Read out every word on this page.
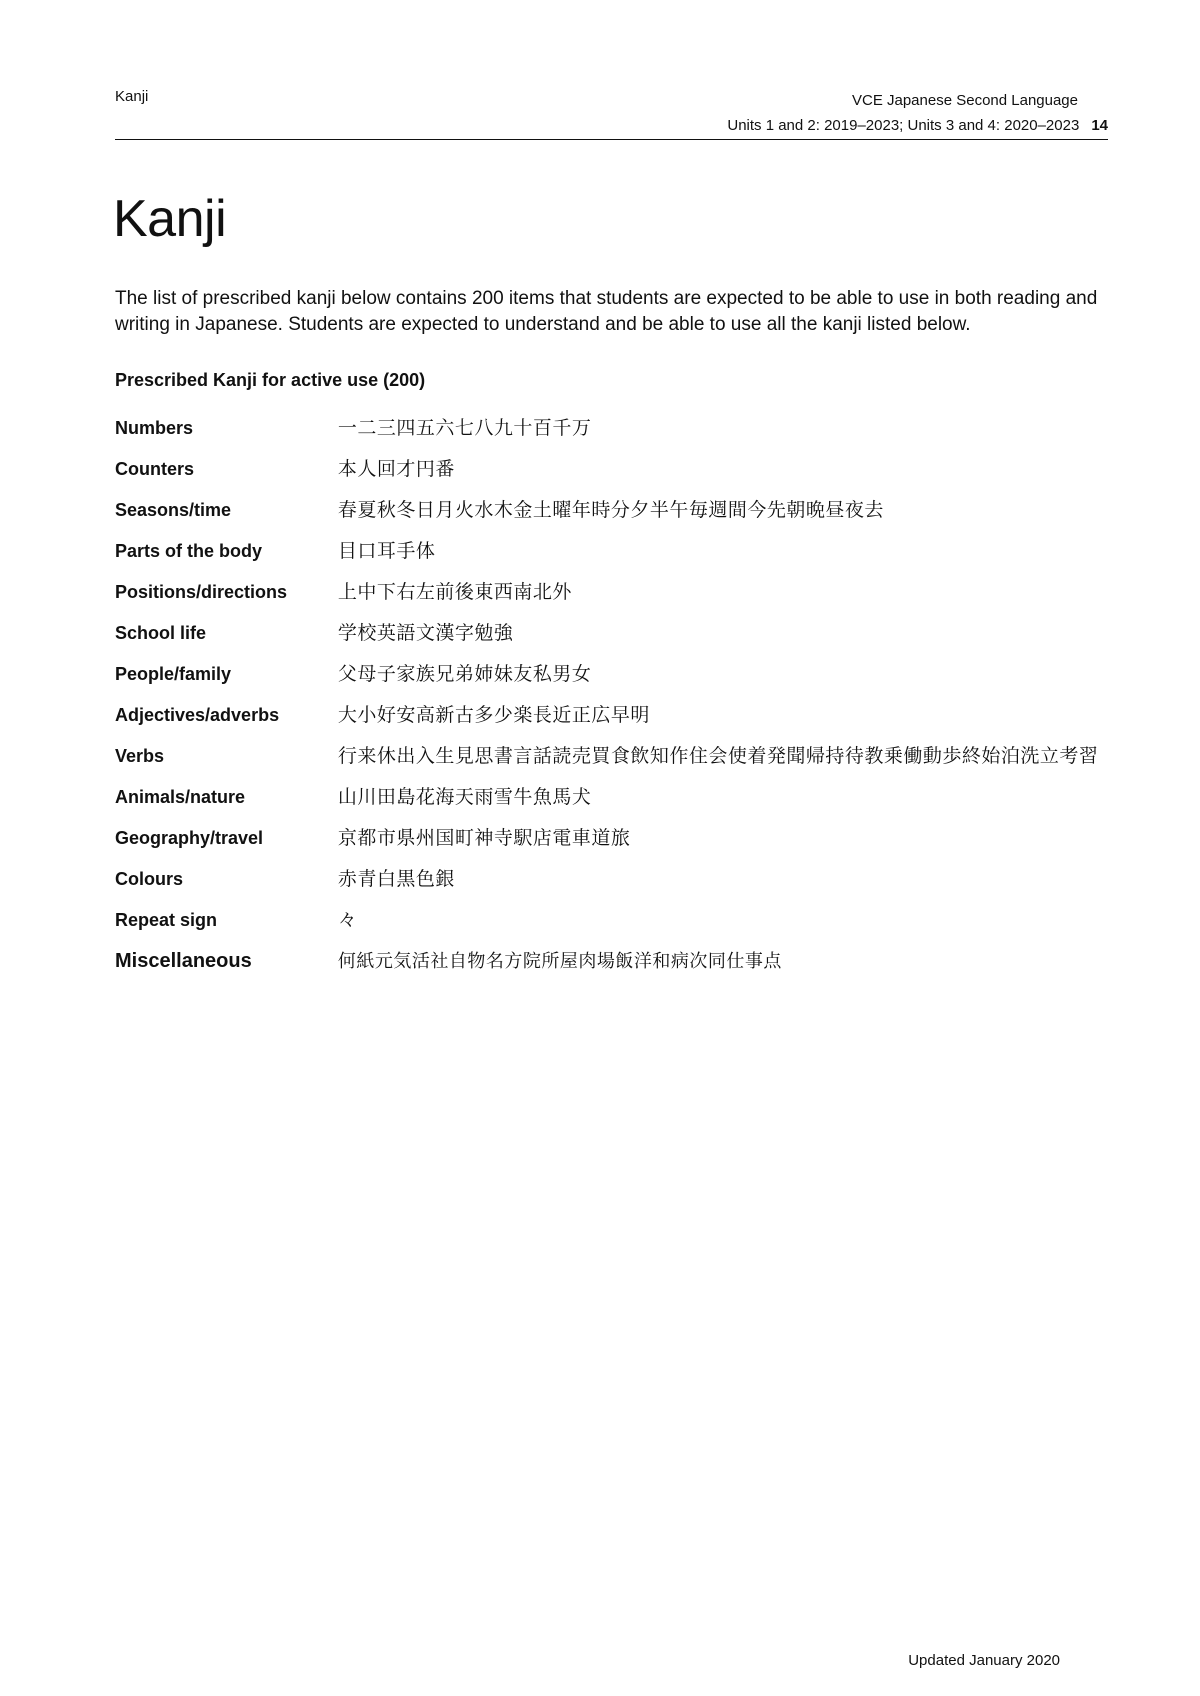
Kanji	VCE Japanese Second Language
Units 1 and 2: 2019–2023; Units 3 and 4: 2020–2023 14
Kanji

The list of prescribed kanji below contains 200 items that students are expected to be able to use in both reading and writing in Japanese. Students are expected to understand and be able to use all the kanji listed below.

Prescribed Kanji for active use (200)

Numbers	一二三四五六七八九十百千万
Counters	本人回才円番
Seasons/time	春夏秋冬日月火水木金土曜年時分夕半午毎週間今先朝晩昼夜去
Parts of the body	目口耳手体
Positions/directions	上中下右左前後東西南北外
School life	学校英語文漢字勉強
People/family	父母子家族兄弟姉妹友私男女
Adjectives/adverbs	大小好安高新古多少楽長近正広早明
Verbs	行来休出入生見思書言話読売買食飲知作住会使着発聞帰持待教乗働動歩終始泊洗立考習
Animals/nature	山川田島花海天雨雪牛魚馬犬
Geography/travel	京都市県州国町神寺駅店電車道旅
Colours	赤青白黒色銀
Repeat sign	々
Miscellaneous	何紙元気活社自物名方院所屋肉場飯洋和病次同仕事点
Updated January 2020
